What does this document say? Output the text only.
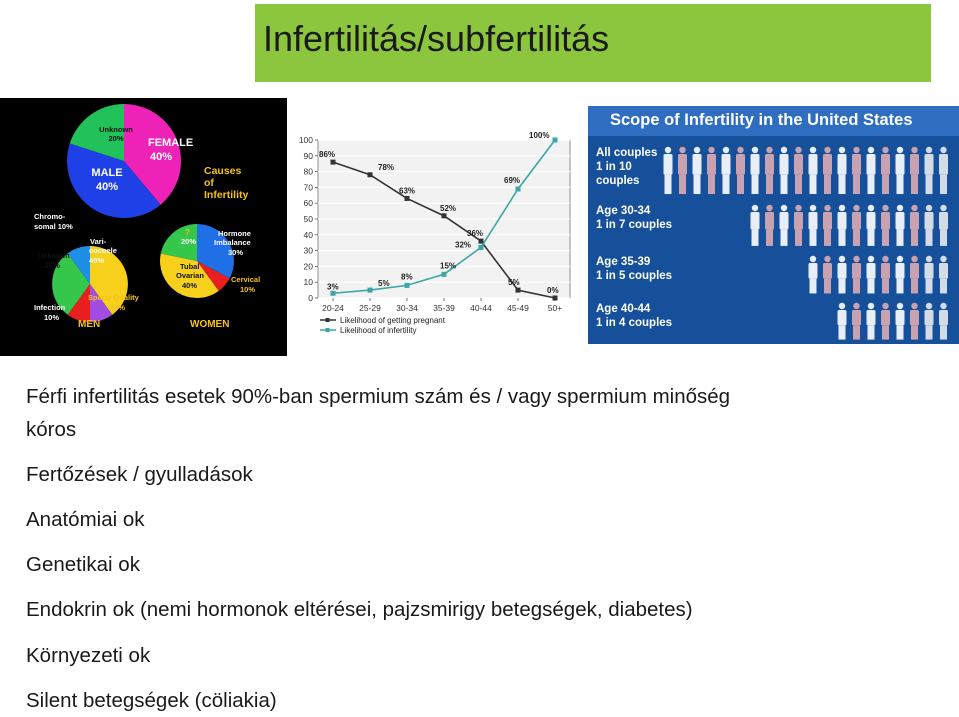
Infertilitás/subfertilitás
FEMALE
40%
MALE
40%
Unknown
20%
Causes
of
Infertility
Chromo-
somal 10%
Unknown
30%
Vari-
cocoele
40%
Infection
10%
Sperm Quality
10%
MEN
?
20%
Hormone
Imbalance
30%
Tubal
Ovarian
40%
Cervical
10%
WOMEN
0
10
20
30
40
50
60
70
80
90
100
20-24 25-29 30-34 35-39 40-44 45-49 50+
86%
78%
63%
52%
36%
5%
0%
3%	5%
8%
15%
32%
69%
100%
Likelihood of getting pregnant
Likelihood of infertility
Scope of Infertility in the United States
All couples
1 in 10
couples
Age 30-34
1 in 7 couples
Age 35-39
1 in 5 couples
Age 40-44
1 in 4 couples
Férfi infertilitás esetek 90%-ban spermium szám és / vagy spermium minőség
kóros
Fertőzések / gyulladások
Anatómiai ok
Genetikai ok
Endokrin ok (nemi hormonok eltérései, pajzsmirigy betegségek, diabetes)
Környezeti ok
Silent betegségek (cöliakia)
